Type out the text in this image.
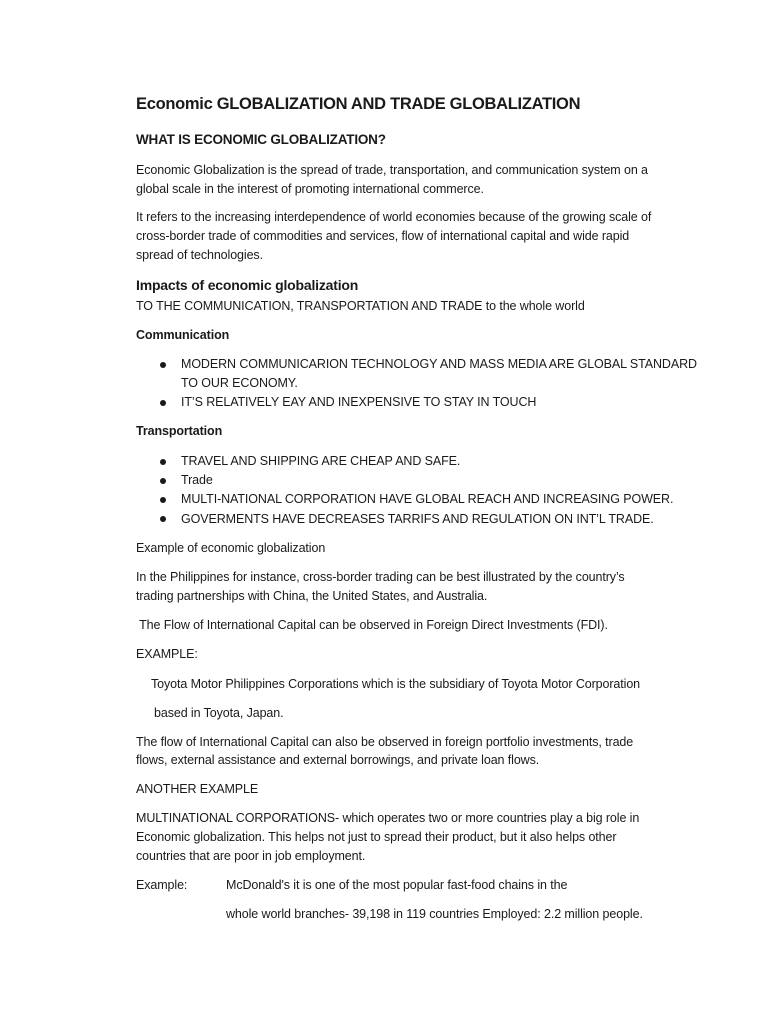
Economic GLOBALIZATION AND TRADE GLOBALIZATION
WHAT IS ECONOMIC GLOBALIZATION?
Economic Globalization is the spread of trade, transportation, and communication system on a
global scale in the interest of promoting international commerce.
It refers to the increasing interdependence of world economies because of the growing scale of
cross-border trade of commodities and services, flow of international capital and wide rapid
spread of technologies.
Impacts of economic globalization
TO THE COMMUNICATION, TRANSPORTATION AND TRADE to the whole world
Communication
MODERN COMMUNICARION TECHNOLOGY AND MASS MEDIA ARE GLOBAL STANDARD
TO OUR ECONOMY.
IT’S RELATIVELY EAY AND INEXPENSIVE TO STAY IN TOUCH
Transportation
TRAVEL AND SHIPPING ARE CHEAP AND SAFE.
Trade
MULTI-NATIONAL CORPORATION HAVE GLOBAL REACH AND INCREASING POWER.
GOVERMENTS HAVE DECREASES TARRIFS AND REGULATION ON INT’L TRADE.
Example of economic globalization
In the Philippines for instance, cross-border trading can be best illustrated by the country’s
trading partnerships with China, the United States, and Australia.
The Flow of International Capital can be observed in Foreign Direct Investments (FDI).
EXAMPLE:
Toyota Motor Philippines Corporations which is the subsidiary of Toyota Motor Corporation
based in Toyota, Japan.
The flow of International Capital can also be observed in foreign portfolio investments, trade
flows, external assistance and external borrowings, and private loan flows.
ANOTHER EXAMPLE
MULTINATIONAL CORPORATIONS- which operates two or more countries play a big role in
Economic globalization. This helps not just to spread their product, but it also helps other
countries that are poor in job employment.
Example:	McDonald's it is one of the most popular fast-food chains in the
whole world branches- 39,198 in 119 countries Employed: 2.2 million people.
